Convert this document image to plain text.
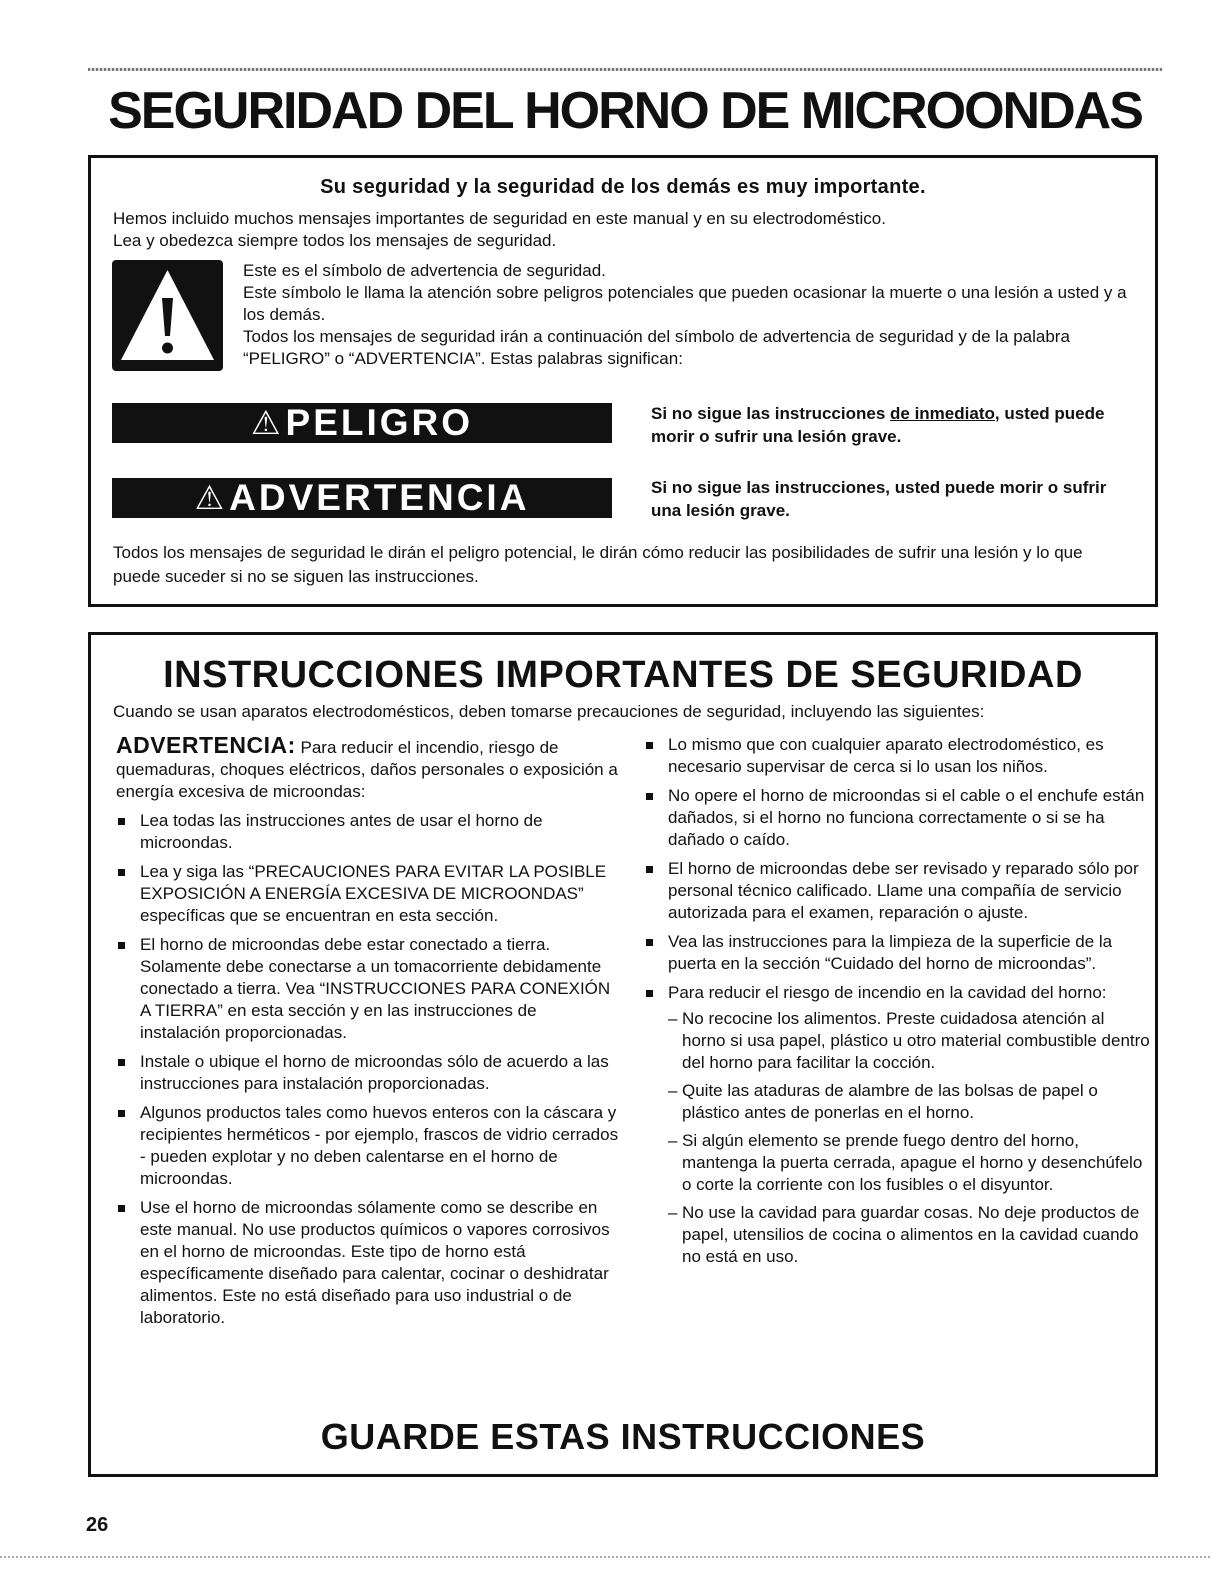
SEGURIDAD DEL HORNO DE MICROONDAS
Su seguridad y la seguridad de los demás es muy importante.
Hemos incluido muchos mensajes importantes de seguridad en este manual y en su electrodoméstico.
Lea y obedezca siempre todos los mensajes de seguridad.
Este es el símbolo de advertencia de seguridad.
Este símbolo le llama la atención sobre peligros potenciales que pueden ocasionar la muerte o una lesión a usted y a los demás.
Todos los mensajes de seguridad irán a continuación del símbolo de advertencia de seguridad y de la palabra “PELIGRO” o “ADVERTENCIA”. Estas palabras significan:
⚠ PELIGRO	Si no sigue las instrucciones de inmediato, usted puede morir o sufrir una lesión grave.
⚠ ADVERTENCIA	Si no sigue las instrucciones, usted puede morir o sufrir una lesión grave.
Todos los mensajes de seguridad le dirán el peligro potencial, le dirán cómo reducir las posibilidades de sufrir una lesión y lo que puede suceder si no se siguen las instrucciones.
INSTRUCCIONES IMPORTANTES DE SEGURIDAD
Cuando se usan aparatos electrodomésticos, deben tomarse precauciones de seguridad, incluyendo las siguientes:
ADVERTENCIA: Para reducir el incendio, riesgo de quemaduras, choques eléctricos, daños personales o exposición a energía excesiva de microondas:
Lea todas las instrucciones antes de usar el horno de microondas.
Lea y siga las “PRECAUCIONES PARA EVITAR LA POSIBLE EXPOSICIÓN A ENERGÍA EXCESIVA DE MICROONDAS” específicas que se encuentran en esta sección.
El horno de microondas debe estar conectado a tierra. Solamente debe conectarse a un tomacorriente debidamente conectado a tierra. Vea “INSTRUCCIONES PARA CONEXIÓN A TIERRA” en esta sección y en las instrucciones de instalación proporcionadas.
Instale o ubique el horno de microondas sólo de acuerdo a las instrucciones para instalación proporcionadas.
Algunos productos tales como huevos enteros con la cáscara y recipientes herméticos - por ejemplo, frascos de vidrio cerrados - pueden explotar y no deben calentarse en el horno de microondas.
Use el horno de microondas sólamente como se describe en este manual. No use productos químicos o vapores corrosivos en el horno de microondas. Este tipo de horno está específicamente diseñado para calentar, cocinar o deshidratar alimentos. Este no está diseñado para uso industrial o de laboratorio.
Lo mismo que con cualquier aparato electrodoméstico, es necesario supervisar de cerca si lo usan los niños.
No opere el horno de microondas si el cable o el enchufe están dañados, si el horno no funciona correctamente o si se ha dañado o caído.
El horno de microondas debe ser revisado y reparado sólo por personal técnico calificado. Llame una compañía de servicio autorizada para el examen, reparación o ajuste.
Vea las instrucciones para la limpieza de la superficie de la puerta en la sección “Cuidado del horno de microondas”.
Para reducir el riesgo de incendio en la cavidad del horno:
– No recocine los alimentos. Preste cuidadosa atención al horno si usa papel, plástico u otro material combustible dentro del horno para facilitar la cocción.
– Quite las ataduras de alambre de las bolsas de papel o plástico antes de ponerlas en el horno.
– Si algún elemento se prende fuego dentro del horno, mantenga la puerta cerrada, apague el horno y desenchúfelo o corte la corriente con los fusibles o el disyuntor.
– No use la cavidad para guardar cosas. No deje productos de papel, utensilios de cocina o alimentos en la cavidad cuando no está en uso.
GUARDE ESTAS INSTRUCCIONES
26
